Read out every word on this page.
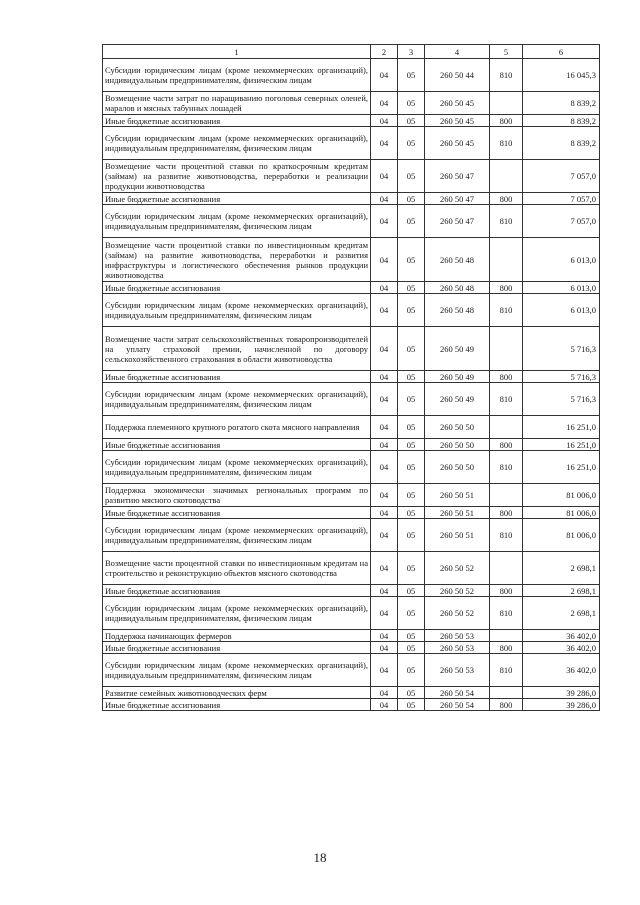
1	2	3	4	5	6
Субсидии юридическим лицам (кроме некоммерческих организаций), индивидуальным предпринимателям, физическим лицам	04	05	260 50 44	810	16 045,3
Возмещение части затрат по наращиванию поголовья северных оленей, маралов и мясных табунных лошадей	04	05	260 50 45		8 839,2
Иные бюджетные ассигнования	04	05	260 50 45	800	8 839,2
Субсидии юридическим лицам (кроме некоммерческих организаций), индивидуальным предпринимателям, физическим лицам	04	05	260 50 45	810	8 839,2
Возмещение части процентной ставки по краткосрочным кредитам (займам) на развитие животноводства, переработки и реализации продукции животноводства	04	05	260 50 47		7 057,0
Иные бюджетные ассигнования	04	05	260 50 47	800	7 057,0
Субсидии юридическим лицам (кроме некоммерческих организаций), индивидуальным предпринимателям, физическим лицам	04	05	260 50 47	810	7 057,0
Возмещение части процентной ставки по инвестиционным кредитам (займам) на развитие животноводства, переработки и развития инфраструктуры и логистического обеспечения рынков продукции животноводства	04	05	260 50 48		6 013,0
Иные бюджетные ассигнования	04	05	260 50 48	800	6 013,0
Субсидии юридическим лицам (кроме некоммерческих организаций), индивидуальным предпринимателям, физическим лицам	04	05	260 50 48	810	6 013,0
Возмещение части затрат сельскохозяйственных товаропроизводителей на уплату страховой премии, начисленной по договору сельскохозяйственного страхования в области животноводства	04	05	260 50 49		5 716,3
Иные бюджетные ассигнования	04	05	260 50 49	800	5 716,3
Субсидии юридическим лицам (кроме некоммерческих организаций), индивидуальным предпринимателям, физическим лицам	04	05	260 50 49	810	5 716,3
Поддержка племенного крупного рогатого скота мясного направления	04	05	260 50 50		16 251,0
Иные бюджетные ассигнования	04	05	260 50 50	800	16 251,0
Субсидии юридическим лицам (кроме некоммерческих организаций), индивидуальным предпринимателям, физическим лицам	04	05	260 50 50	810	16 251,0
Поддержка экономически значимых региональных программ по развитию мясного скотоводства	04	05	260 50 51		81 006,0
Иные бюджетные ассигнования	04	05	260 50 51	800	81 006,0
Субсидии юридическим лицам (кроме некоммерческих организаций), индивидуальным предпринимателям, физическим лицам	04	05	260 50 51	810	81 006,0
Возмещение части процентной ставки по инвестиционным кредитам на строительство и реконструкцию объектов мясного скотоводства	04	05	260 50 52		2 698,1
Иные бюджетные ассигнования	04	05	260 50 52	800	2 698,1
Субсидии юридическим лицам (кроме некоммерческих организаций), индивидуальным предпринимателям, физическим лицам	04	05	260 50 52	810	2 698,1
Поддержка начинающих фермеров	04	05	260 50 53		36 402,0
Иные бюджетные ассигнования	04	05	260 50 53	800	36 402,0
Субсидии юридическим лицам (кроме некоммерческих организаций), индивидуальным предпринимателям, физическим лицам	04	05	260 50 53	810	36 402,0
Развитие семейных животноводческих ферм	04	05	260 50 54		39 286,0
Иные бюджетные ассигнования	04	05	260 50 54	800	39 286,0
18
